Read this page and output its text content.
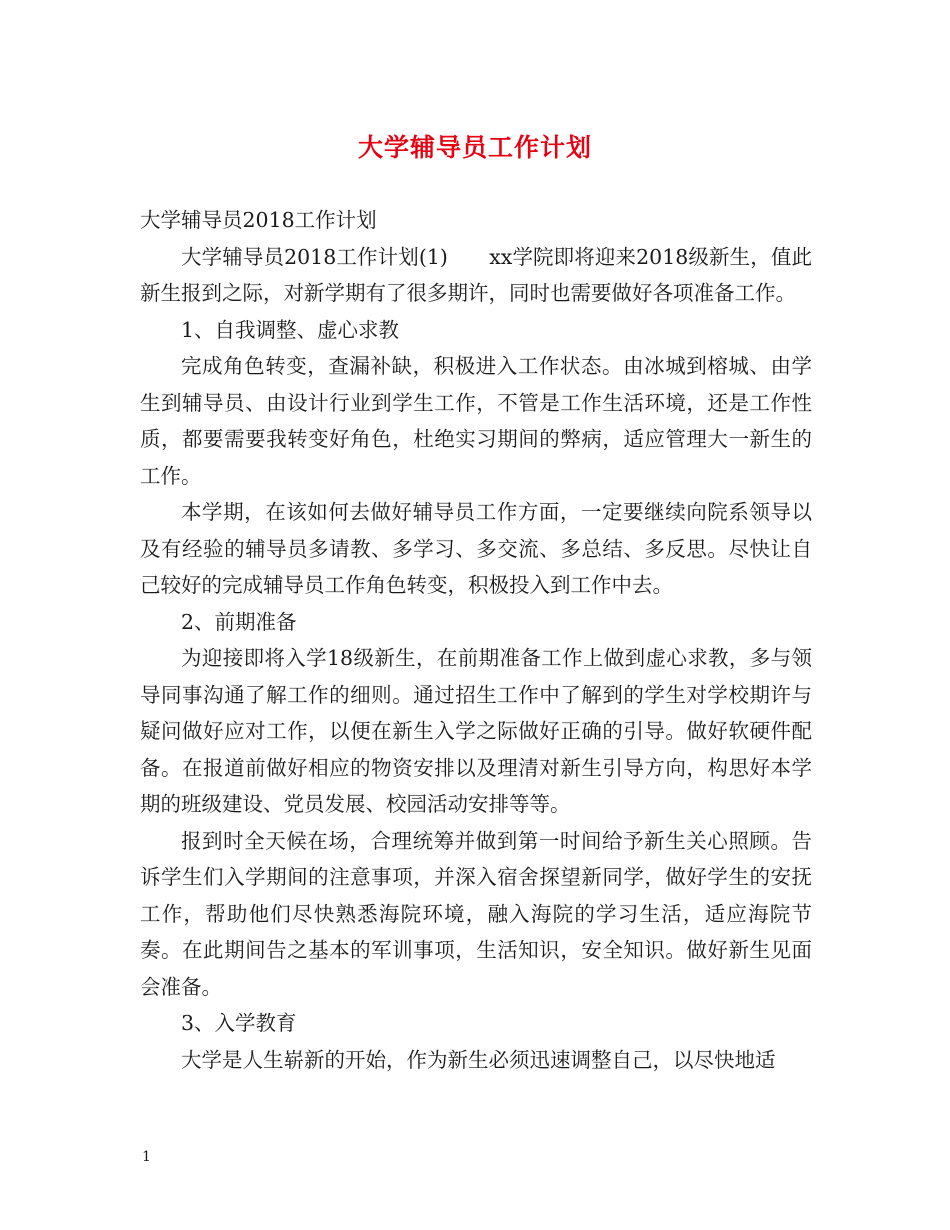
大学辅导员工作计划

大学辅导员2018工作计划

大学辅导员2018工作计划(1)　　xx学院即将迎来2018级新生，值此新生报到之际，对新学期有了很多期许，同时也需要做好各项准备工作。

1、自我调整、虚心求教

完成角色转变，查漏补缺，积极进入工作状态。由冰城到榕城、由学生到辅导员、由设计行业到学生工作，不管是工作生活环境，还是工作性质，都要需要我转变好角色，杜绝实习期间的弊病，适应管理大一新生的工作。

本学期，在该如何去做好辅导员工作方面，一定要继续向院系领导以及有经验的辅导员多请教、多学习、多交流、多总结、多反思。尽快让自己较好的完成辅导员工作角色转变，积极投入到工作中去。

2、前期准备

为迎接即将入学18级新生，在前期准备工作上做到虚心求教，多与领导同事沟通了解工作的细则。通过招生工作中了解到的学生对学校期许与疑问做好应对工作，以便在新生入学之际做好正确的引导。做好软硬件配备。在报道前做好相应的物资安排以及理清对新生引导方向，构思好本学期的班级建设、党员发展、校园活动安排等等。

报到时全天候在场，合理统筹并做到第一时间给予新生关心照顾。告诉学生们入学期间的注意事项，并深入宿舍探望新同学，做好学生的安抚工作，帮助他们尽快熟悉海院环境，融入海院的学习生活，适应海院节奏。在此期间告之基本的军训事项，生活知识，安全知识。做好新生见面会准备。

3、入学教育

大学是人生崭新的开始，作为新生必须迅速调整自己，以尽快地适

1
